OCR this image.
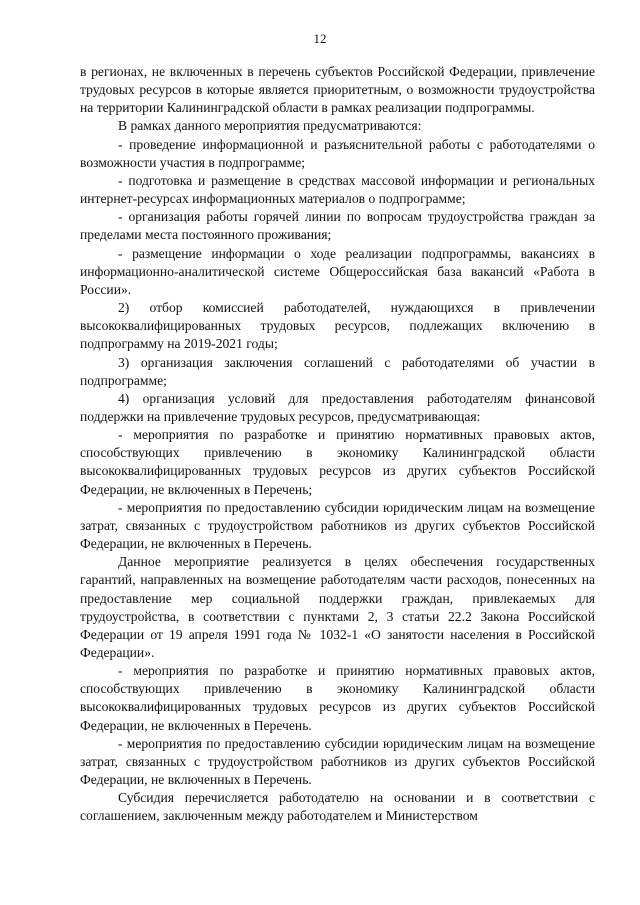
12

в регионах, не включенных в перечень субъектов Российской Федерации, привлечение трудовых ресурсов в которые является приоритетным, о возможности трудоустройства на территории Калининградской области в рамках реализации подпрограммы.

В рамках данного мероприятия предусматриваются:

- проведение информационной и разъяснительной работы с работодателями о возможности участия в подпрограмме;

- подготовка и размещение в средствах массовой информации и региональных интернет-ресурсах информационных материалов о подпрограмме;

- организация работы горячей линии по вопросам трудоустройства граждан за пределами места постоянного проживания;

- размещение информации о ходе реализации подпрограммы, вакансиях в информационно-аналитической системе Общероссийская база вакансий «Работа в России».

2) отбор комиссией работодателей, нуждающихся в привлечении высококвалифицированных трудовых ресурсов, подлежащих включению в подпрограмму на 2019-2021 годы;

3) организация заключения соглашений с работодателями об участии в подпрограмме;

4) организация условий для предоставления работодателям финансовой поддержки на привлечение трудовых ресурсов, предусматривающая:

- мероприятия по разработке и принятию нормативных правовых актов, способствующих привлечению в экономику Калининградской области высококвалифицированных трудовых ресурсов из других субъектов Российской Федерации, не включенных в Перечень;

- мероприятия по предоставлению субсидии юридическим лицам на возмещение затрат, связанных с трудоустройством работников из других субъектов Российской Федерации, не включенных в Перечень.

Данное мероприятие реализуется в целях обеспечения государственных гарантий, направленных на возмещение работодателям части расходов, понесенных на предоставление мер социальной поддержки граждан, привлекаемых для трудоустройства, в соответствии с пунктами 2, 3 статьи 22.2 Закона Российской Федерации от 19 апреля 1991 года № 1032-1 «О занятости населения в Российской Федерации».

- мероприятия по разработке и принятию нормативных правовых актов, способствующих привлечению в экономику Калининградской области высококвалифицированных трудовых ресурсов из других субъектов Российской Федерации, не включенных в Перечень.

- мероприятия по предоставлению субсидии юридическим лицам на возмещение затрат, связанных с трудоустройством работников из других субъектов Российской Федерации, не включенных в Перечень.

Субсидия перечисляется работодателю на основании и в соответствии с соглашением, заключенным между работодателем и Министерством
